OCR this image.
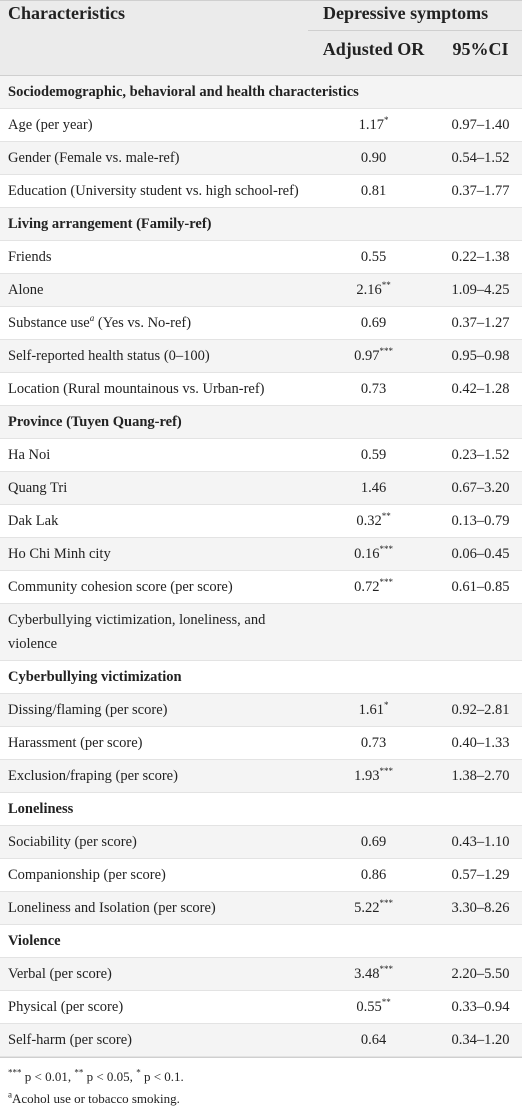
Characteristics	Depressive symptoms
Adjusted OR	95%CI
Sociodemographic, behavioral and health characteristics
Age (per year)	1.17*	0.97–1.40
Gender (Female vs. male-ref)	0.90	0.54–1.52
Education (University student vs. high school-ref)	0.81	0.37–1.77
Living arrangement (Family-ref)
Friends	0.55	0.22–1.38
Alone	2.16**	1.09–4.25
Substance use$^a$ (Yes vs. No-ref)	0.69	0.37–1.27
Self-reported health status (0–100)	0.97***	0.95–0.98
Location (Rural mountainous vs. Urban-ref)	0.73	0.42–1.28
Province (Tuyen Quang-ref)
Ha Noi	0.59	0.23–1.52
Quang Tri	1.46	0.67–3.20
Dak Lak	0.32**	0.13–0.79
Ho Chi Minh city	0.16***	0.06–0.45
Community cohesion score (per score)	0.72***	0.61–0.85
Cyberbullying victimization, loneliness, and violence
Cyberbullying victimization
Dissing/flaming (per score)	1.61*	0.92–2.81
Harassment (per score)	0.73	0.40–1.33
Exclusion/fraping (per score)	1.93***	1.38–2.70
Loneliness
Sociability (per score)	0.69	0.43–1.10
Companionship (per score)	0.86	0.57–1.29
Loneliness and Isolation (per score)	5.22***	3.30–8.26
Violence
Verbal (per score)	3.48***	2.20–5.50
Physical (per score)	0.55**	0.33–0.94
Self-harm (per score)	0.64	0.34–1.20
*** p < 0.01, ** p < 0.05, * p < 0.1.
$^a$Acohol use or tobacco smoking.
